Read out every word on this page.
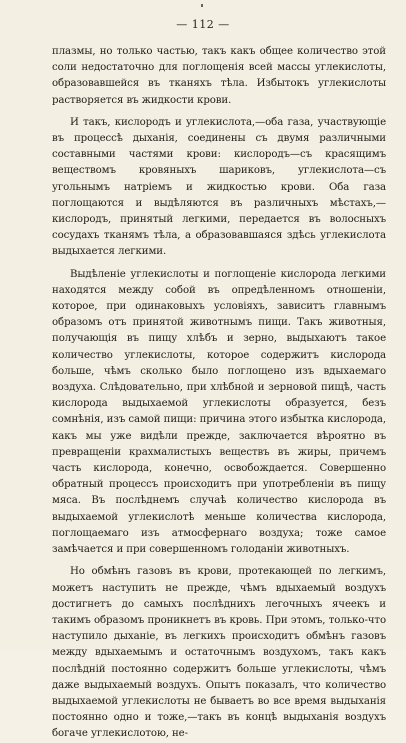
— 112 —

плазмы, но только частью, такъ какъ общее количество этой соли недостаточно для поглощенія всей массы углекислоты, образовавшейся въ тканяхъ тѣла. Избытокъ углекислоты растворяется въ жидкости крови.

И такъ, кислородъ и углекислота,—оба газа, участвующіе въ процессѣ дыханія, соединены съ двумя различными составными частями крови: кислородъ—съ красящимъ веществомъ кровяныхъ шариковъ, углекислота—съ угольнымъ натріемъ и жидкостью крови. Оба газа поглощаются и выдѣляются въ различныхъ мѣстахъ,—кислородъ, принятый легкими, передается въ волосныхъ сосудахъ тканямъ тѣла, а образовавшаяся здѣсь углекислота выдыхается легкими.

Выдѣленіе углекислоты и поглощеніе кислорода легкими находятся между собой въ опредѣленномъ отношеніи, которое, при одинаковыхъ условіяхъ, зависитъ главнымъ образомъ отъ принятой животнымъ пищи. Такъ животныя, получающія въ пищу хлѣбъ и зерно, выдыхаютъ такое количество углекислоты, которое содержитъ кислорода больше, чѣмъ сколько было поглощено изъ вдыхаемаго воздуха. Слѣдовательно, при хлѣбной и зерновой пищѣ, часть кислорода выдыхаемой углекислоты образуется, безъ сомнѣнія, изъ самой пищи: причина этого избытка кислорода, какъ мы уже видѣли прежде, заключается вѣроятно въ превращеніи крахмалистыхъ веществъ въ жиры, причемъ часть кислорода, конечно, освобождается. Совершенно обратный процессъ происходитъ при употребленіи въ пищу мяса. Въ послѣднемъ случаѣ количество кислорода въ выдыхаемой углекислотѣ меньше количества кислорода, поглощаемаго изъ атмосфернаго воздуха; тоже самое замѣчается и при совершенномъ голоданіи животныхъ.

Но обмѣнъ газовъ въ крови, протекающей по легкимъ, можетъ наступить не прежде, чѣмъ вдыхаемый воздухъ достигнетъ до самыхъ послѣднихъ легочныхъ ячеекъ и такимъ образомъ проникнетъ въ кровь. При этомъ, только-что наступило дыханіе, въ легкихъ происходитъ обмѣнъ газовъ между вдыхаемымъ и остаточнымъ воздухомъ, такъ какъ послѣдній постоянно содержитъ больше углекислоты, чѣмъ даже выдыхаемый воздухъ. Опытъ показалъ, что количество выдыхаемой углекислоты не бываетъ во все время выдыханія постоянно одно и тоже,—такъ въ концѣ выдыханія воздухъ богаче углекислотою, не-
